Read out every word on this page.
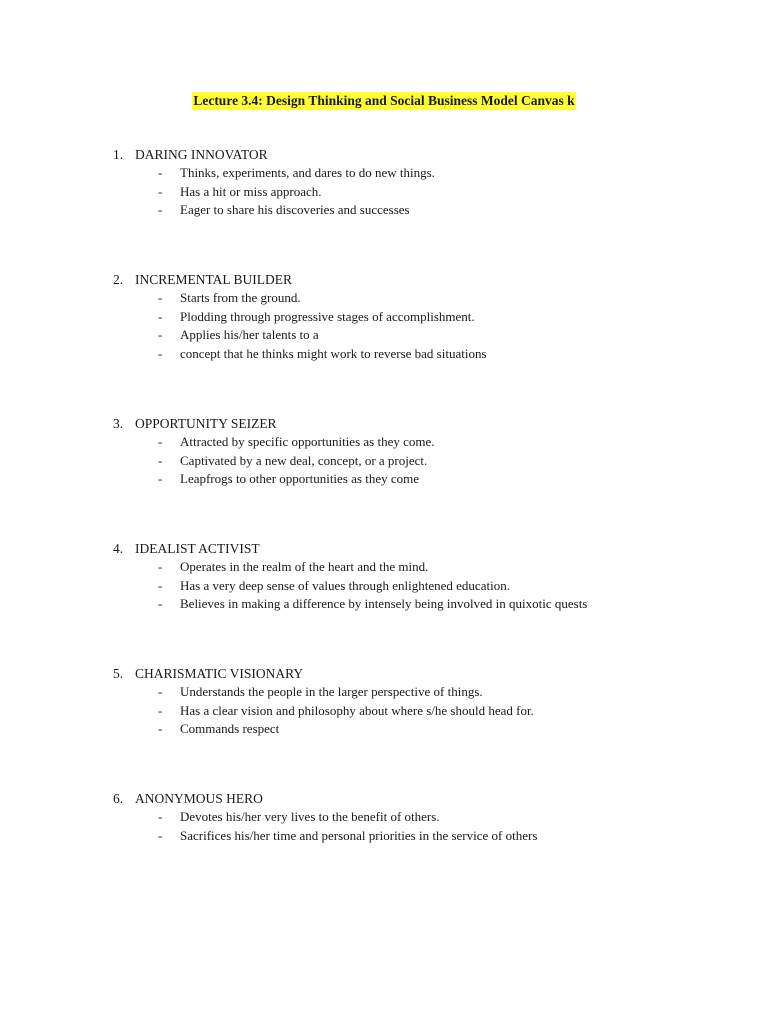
Lecture 3.4: Design Thinking and Social Business Model Canvas k
1. DARING INNOVATOR
- Thinks, experiments, and dares to do new things.
- Has a hit or miss approach.
- Eager to share his discoveries and successes
2. INCREMENTAL BUILDER
- Starts from the ground.
- Plodding through progressive stages of accomplishment.
- Applies his/her talents to a
- concept that he thinks might work to reverse bad situations
3. OPPORTUNITY SEIZER
- Attracted by specific opportunities as they come.
- Captivated by a new deal, concept, or a project.
- Leapfrogs to other opportunities as they come
4. IDEALIST ACTIVIST
- Operates in the realm of the heart and the mind.
- Has a very deep sense of values through enlightened education.
- Believes in making a difference by intensely being involved in quixotic quests
5. CHARISMATIC VISIONARY
- Understands the people in the larger perspective of things.
- Has a clear vision and philosophy about where s/he should head for.
- Commands respect
6. ANONYMOUS HERO
- Devotes his/her very lives to the benefit of others.
- Sacrifices his/her time and personal priorities in the service of others
